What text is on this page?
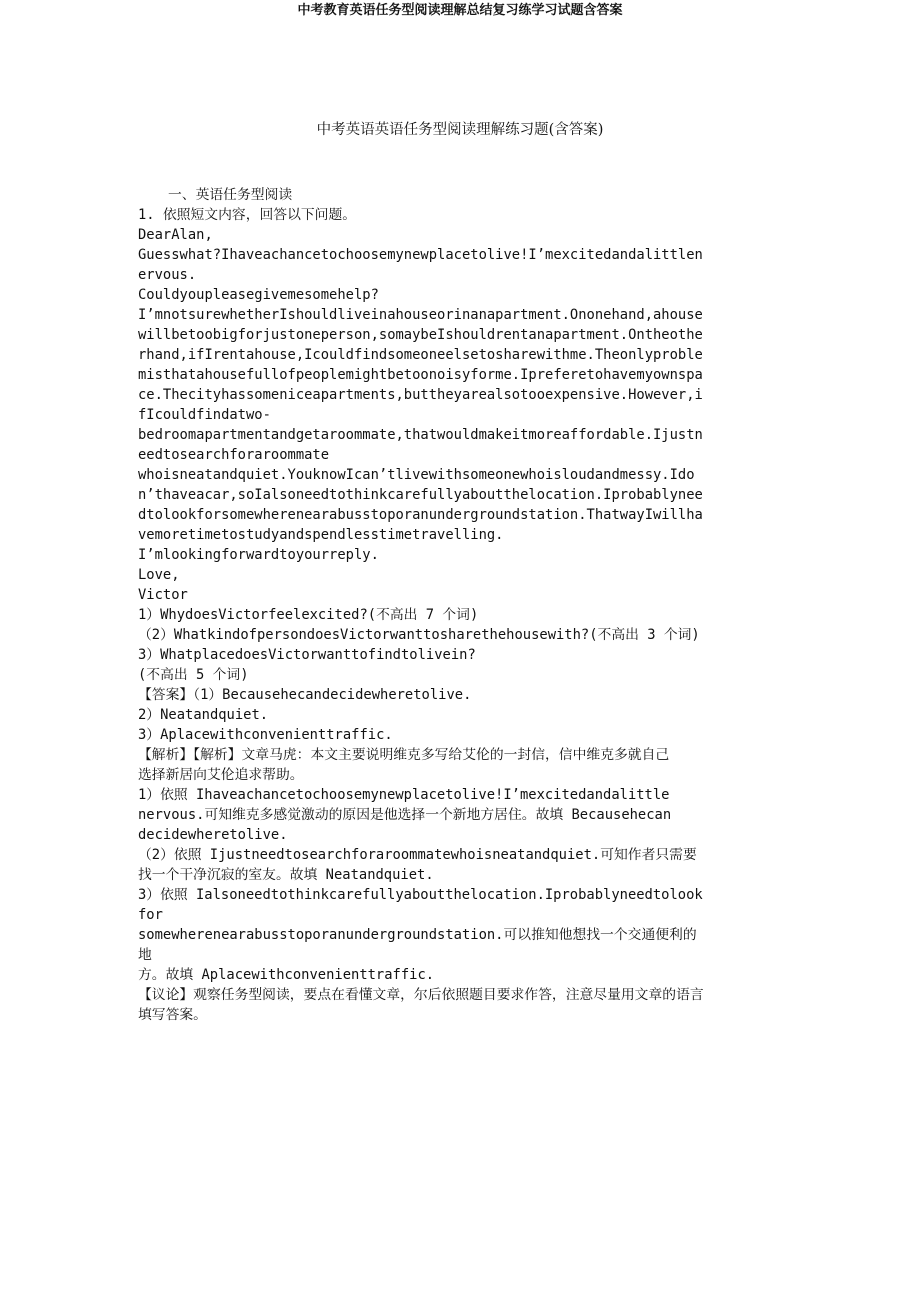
中考教育英语任务型阅读理解总结复习练学习试题含答案
中考英语英语任务型阅读理解练习题(含答案)

一、英语任务型阅读

1. 依照短文内容，回答以下问题。

DearAlan,

Guesswhat?Ihaveachancetochoosemynewplacetolive!I’mexcitedandalittlenervous.

Couldyoupleasegivemesomehelp?

I’mnotsurewhetherIshouldliveinahouseorinanapartment.Ononehand,ahousewillbetoobigforjustoneperson,somaybeIshouldrentanapartment.Ontheotherhand,ifIrentahouse,Icouldfindsomeoneelsetosharewithme.Theonlyproblemisthatahousefullofpeoplemightbetoonoisyforme.Ipreferetohavemyownspace.Thecityhassomeniceapartments,buttheyarealsotooexpensive.However,ifIcouldfindatwo-

bedroomapartmentandgetaroommate,thatwouldmakeitmoreaffordable.Ijustneedtosearchforaroommate

whoisneatandquiet.YouknowIcan’tlivewithsomeonewhoisloudandmessy.Idon’thaveacar,soIalsoneedtothinkcarefullyaboutthelocation.Iprobablyneedtolookforsomewherenearabusstoporanundergroundstation.ThatwayIwillhavemoretimetostudyandspendlesstimetravelling.

I’mlookingforwardtoyourreply.

Love,

Victor

1）WhydoesVictorfeelexcited?(不高出 7 个词)

（2）WhatkindofpersondoesVictorwanttosharethehousewith?(不高出 3 个词)

3）WhatplacedoesVictorwanttofindtolivein?

(不高出 5 个词)

【答案】（1）Becausehecandecidewheretolive.

2）Neatandquiet.

3）Aplacewithconvenienttraffic.

【解析】【解析】文章马虎：本文主要说明维克多写给艾伦的一封信，信中维克多就自己

选择新居向艾伦追求帮助。

1）依照 Ihaveachancetochoosemynewplacetolive!I’mexcitedandalittle

nervous.可知维克多感觉激动的原因是他选择一个新地方居住。故填 Becausehecan

decidewheretolive.

（2）依照 Ijustneedtosearchforaroommatewhoisneatandquiet.可知作者只需要找一个干净沉寂的室友。故填 Neatandquiet.

3）依照 Ialsoneedtothinkcarefullyaboutthelocation.Iprobablyneedtolookfor

somewherenearabusstoporanundergroundstation.可以推知他想找一个交通便利的地

方。故填 Aplacewithconvenienttraffic.

【议论】观察任务型阅读，要点在看懂文章，尔后依照题目要求作答，注意尽量用文章的语言填写答案。
